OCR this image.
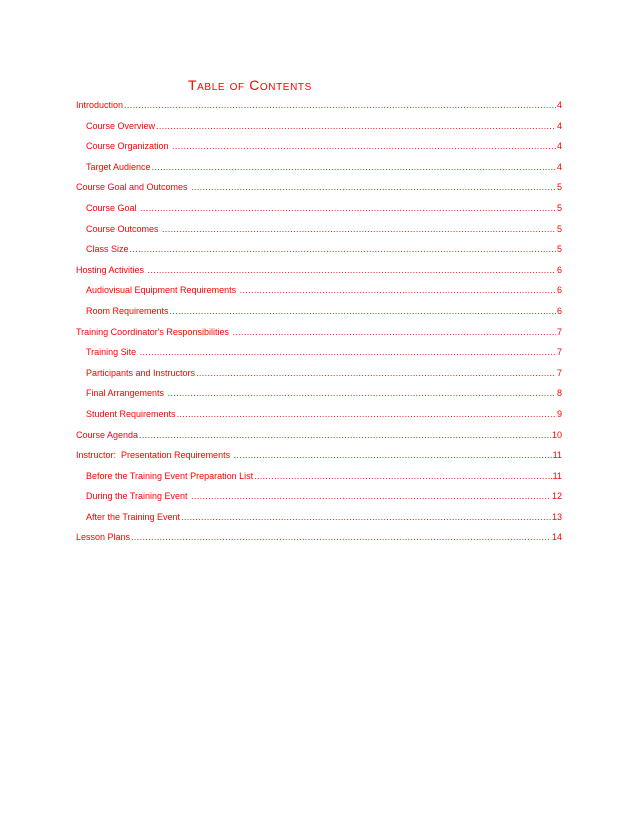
Table of Contents
Introduction .....	4
Course Overview .....	4
Course Organization .....	4
Target Audience .....	4
Course Goal and Outcomes .....	5
Course Goal .....	5
Course Outcomes .....	5
Class Size .....	5
Hosting Activities .....	6
Audiovisual Equipment Requirements .....	6
Room Requirements .....	6
Training Coordinator's Responsibilities .....	7
Training Site .....	7
Participants and Instructors .....	7
Final Arrangements .....	8
Student Requirements .....	9
Course Agenda .....	10
Instructor:  Presentation Requirements .....	11
Before the Training Event Preparation List .....	11
During the Training Event .....	12
After the Training Event .....	13
Lesson Plans .....	14
